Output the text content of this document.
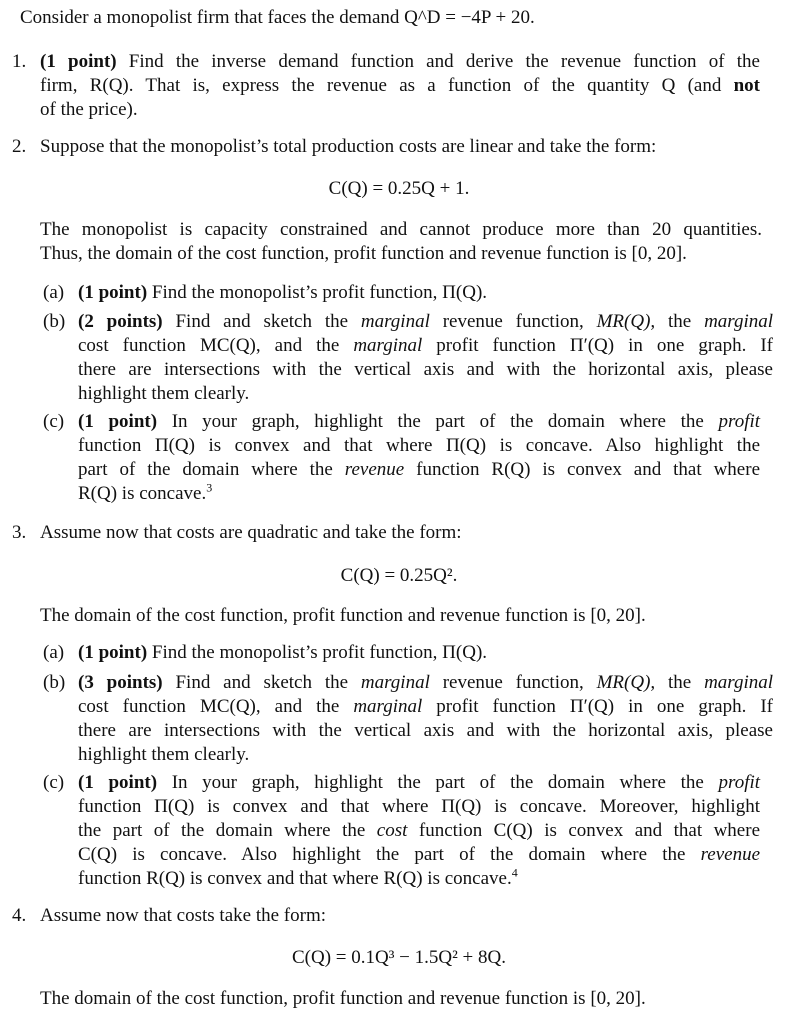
Consider a monopolist firm that faces the demand Q^D = −4P + 20.
1. (1 point) Find the inverse demand function and derive the revenue function of the
firm, R(Q). That is, express the revenue as a function of the quantity Q (and not
of the price).
2. Suppose that the monopolist’s total production costs are linear and take the form:
C(Q) = 0.25Q + 1.
The monopolist is capacity constrained and cannot produce more than 20 quantities.
Thus, the domain of the cost function, profit function and revenue function is [0, 20].
(a) (1 point) Find the monopolist’s profit function, Π(Q).
(b) (2 points) Find and sketch the marginal revenue function, MR(Q), the marginal
cost function MC(Q), and the marginal profit function Π′(Q) in one graph. If
there are intersections with the vertical axis and with the horizontal axis, please
highlight them clearly.
(c) (1 point) In your graph, highlight the part of the domain where the profit
function Π(Q) is convex and that where Π(Q) is concave. Also highlight the
part of the domain where the revenue function R(Q) is convex and that where
R(Q) is concave.$^3$
3. Assume now that costs are quadratic and take the form:
C(Q) = 0.25Q².
The domain of the cost function, profit function and revenue function is [0, 20].
(a) (1 point) Find the monopolist’s profit function, Π(Q).
(b) (3 points) Find and sketch the marginal revenue function, MR(Q), the marginal
cost function MC(Q), and the marginal profit function Π′(Q) in one graph. If
there are intersections with the vertical axis and with the horizontal axis, please
highlight them clearly.
(c) (1 point) In your graph, highlight the part of the domain where the profit
function Π(Q) is convex and that where Π(Q) is concave. Moreover, highlight
the part of the domain where the cost function C(Q) is convex and that where
C(Q) is concave. Also highlight the part of the domain where the revenue
function R(Q) is convex and that where R(Q) is concave.$^4$
4. Assume now that costs take the form:
C(Q) = 0.1Q³ − 1.5Q² + 8Q.
The domain of the cost function, profit function and revenue function is [0, 20].
